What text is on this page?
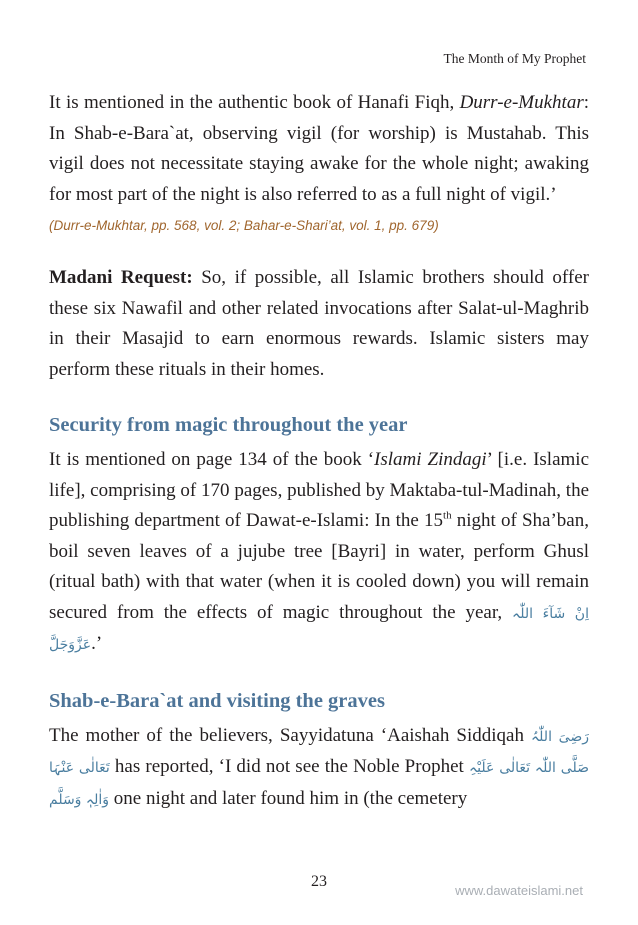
The Month of My Prophet

It is mentioned in the authentic book of Hanafi Fiqh, Durr-e-Mukhtar: In Shab-e-Bara`at, observing vigil (for worship) is Mustahab. This vigil does not necessitate staying awake for the whole night; awaking for most part of the night is also referred to as a full night of vigil.’

(Durr-e-Mukhtar, pp. 568, vol. 2; Bahar-e-Shari’at, vol. 1, pp. 679)

Madani Request: So, if possible, all Islamic brothers should offer these six Nawafil and other related invocations after Salat-ul-Maghrib in their Masajid to earn enormous rewards. Islamic sisters may perform these rituals in their homes.

Security from magic throughout the year

It is mentioned on page 134 of the book ‘Islami Zindagi’ [i.e. Islamic life], comprising of 170 pages, published by Maktaba-tul-Madinah, the publishing department of Dawat-e-Islami: In the 15th night of Sha’ban, boil seven leaves of a jujube tree [Bayri] in water, perform Ghusl (ritual bath) with that water (when it is cooled down) you will remain secured from the effects of magic throughout the year, اِنْ شَآءَ اللّٰہ عَزَّوَجَلَّ.’

Shab-e-Bara`at and visiting the graves

The mother of the believers, Sayyidatuna ‘Aaishah Siddiqah رَضِیَ اللّٰہُ تَعَالٰی عَنْہَا has reported, ‘I did not see the Noble Prophet صَلَّی اللّٰہ تَعَالٰی عَلَیْہِ وَاٰلِہٖ وَسَلَّم one night and later found him in (the cemetery

23
www.dawateislami.net
